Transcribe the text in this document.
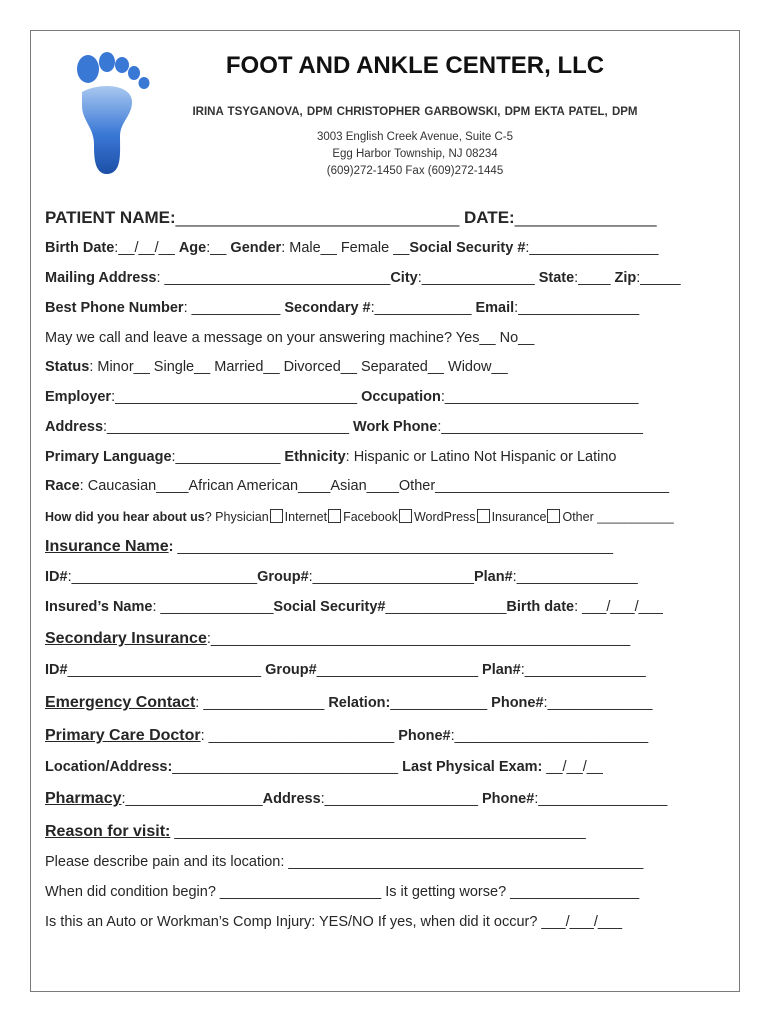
FOOT AND ANKLE CENTER, LLC
IRINA TSYGANOVA, DPM CHRISTOPHER GARBOWSKI, DPM EKTA PATEL, DPM
3003 English Creek Avenue, Suite C-5
Egg Harbor Township, NJ 08234
(609)272-1450 Fax (609)272-1445
PATIENT NAME:______________________________ DATE:_______________
Birth Date:__/__/__ Age:__ Gender: Male__ Female __Social Security #:________________
Mailing Address: ____________________________City:______________ State:____ Zip:_____
Best Phone Number: ___________ Secondary #:____________ Email:_______________
May we call and leave a message on your answering machine? Yes__ No__
Status: Minor__ Single__ Married__ Divorced__ Separated__ Widow__
Employer:______________________________ Occupation:________________________
Address:______________________________ Work Phone:_________________________
Primary Language:_____________ Ethnicity: Hispanic or Latino Not Hispanic or Latino
Race: Caucasian____African American____Asian____Other_____________________________
How did you hear about us? Physician Internet Facebook WordPress Insurance Other ___________
Insurance Name: ______________________________________________________
ID#:_______________________Group#:____________________Plan#:_______________
Insured’s Name: ______________Social Security#_______________Birth date: ___/___/___
Secondary Insurance:____________________________________________________
ID#________________________ Group#____________________ Plan#:_______________
Emergency Contact: _______________ Relation:____________ Phone#:_____________
Primary Care Doctor: _______________________ Phone#:________________________
Location/Address:____________________________ Last Physical Exam: __/__/__
Pharmacy:_________________Address:___________________ Phone#:________________
Reason for visit: ___________________________________________________
Please describe pain and its location: ____________________________________________
When did condition begin? ____________________ Is it getting worse? ________________
Is this an Auto or Workman’s Comp Injury: YES/NO If yes, when did it occur? ___/___/___
